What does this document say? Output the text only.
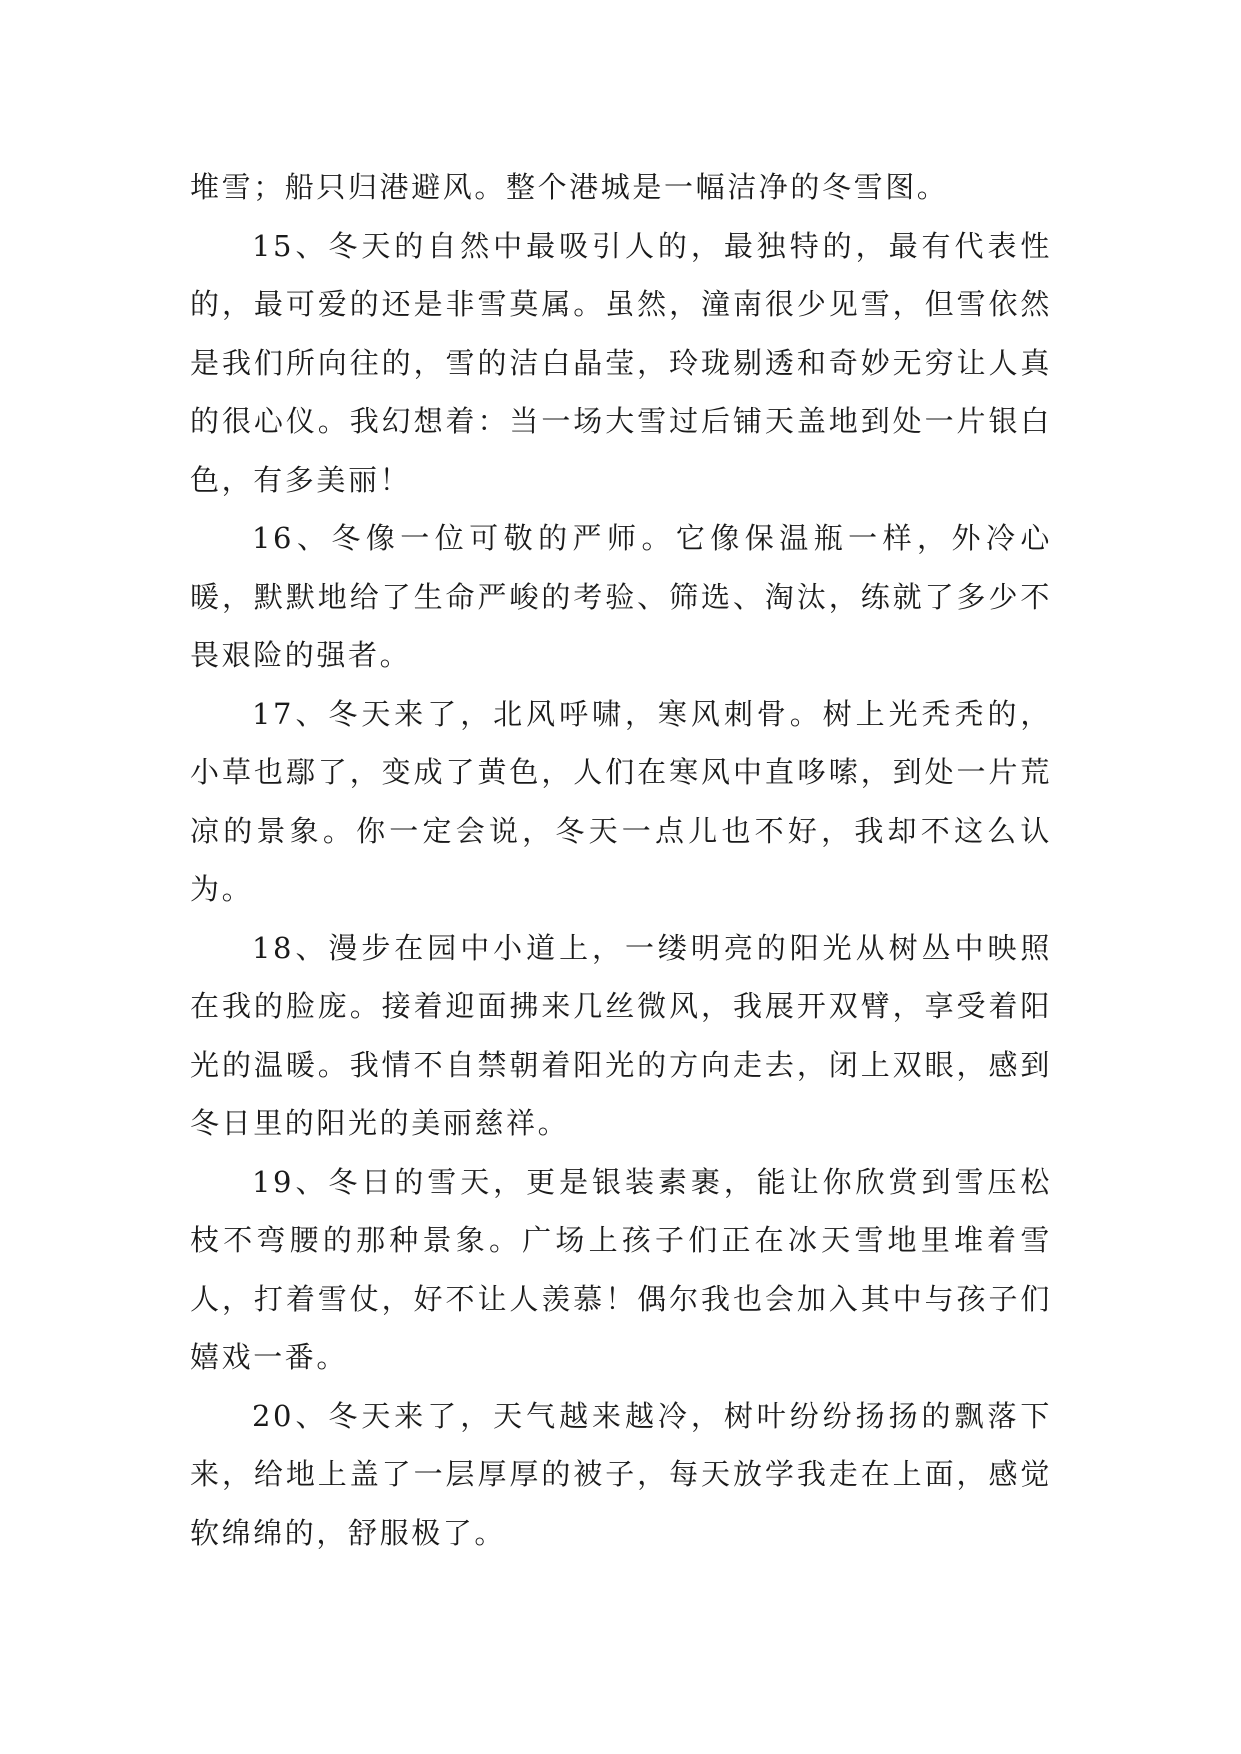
堆雪；船只归港避风。整个港城是一幅洁净的冬雪图。

15、冬天的自然中最吸引人的，最独特的，最有代表性的，最可爱的还是非雪莫属。虽然，潼南很少见雪，但雪依然是我们所向往的，雪的洁白晶莹，玲珑剔透和奇妙无穷让人真的很心仪。我幻想着：当一场大雪过后铺天盖地到处一片银白色，有多美丽！

16、冬像一位可敬的严师。它像保温瓶一样，外冷心暖，默默地给了生命严峻的考验、筛选、淘汰，练就了多少不畏艰险的强者。

17、冬天来了，北风呼啸，寒风刺骨。树上光秃秃的，小草也鄢了，变成了黄色，人们在寒风中直哆嗦，到处一片荒凉的景象。你一定会说，冬天一点儿也不好，我却不这么认为。

18、漫步在园中小道上，一缕明亮的阳光从树丛中映照在我的脸庞。接着迎面拂来几丝微风，我展开双臂，享受着阳光的温暖。我情不自禁朝着阳光的方向走去，闭上双眼，感到冬日里的阳光的美丽慈祥。

19、冬日的雪天，更是银装素裹，能让你欣赏到雪压松枝不弯腰的那种景象。广场上孩子们正在冰天雪地里堆着雪人，打着雪仗，好不让人羡慕！偶尔我也会加入其中与孩子们嬉戏一番。

20、冬天来了，天气越来越冷，树叶纷纷扬扬的飘落下来，给地上盖了一层厚厚的被子，每天放学我走在上面，感觉软绵绵的，舒服极了。
